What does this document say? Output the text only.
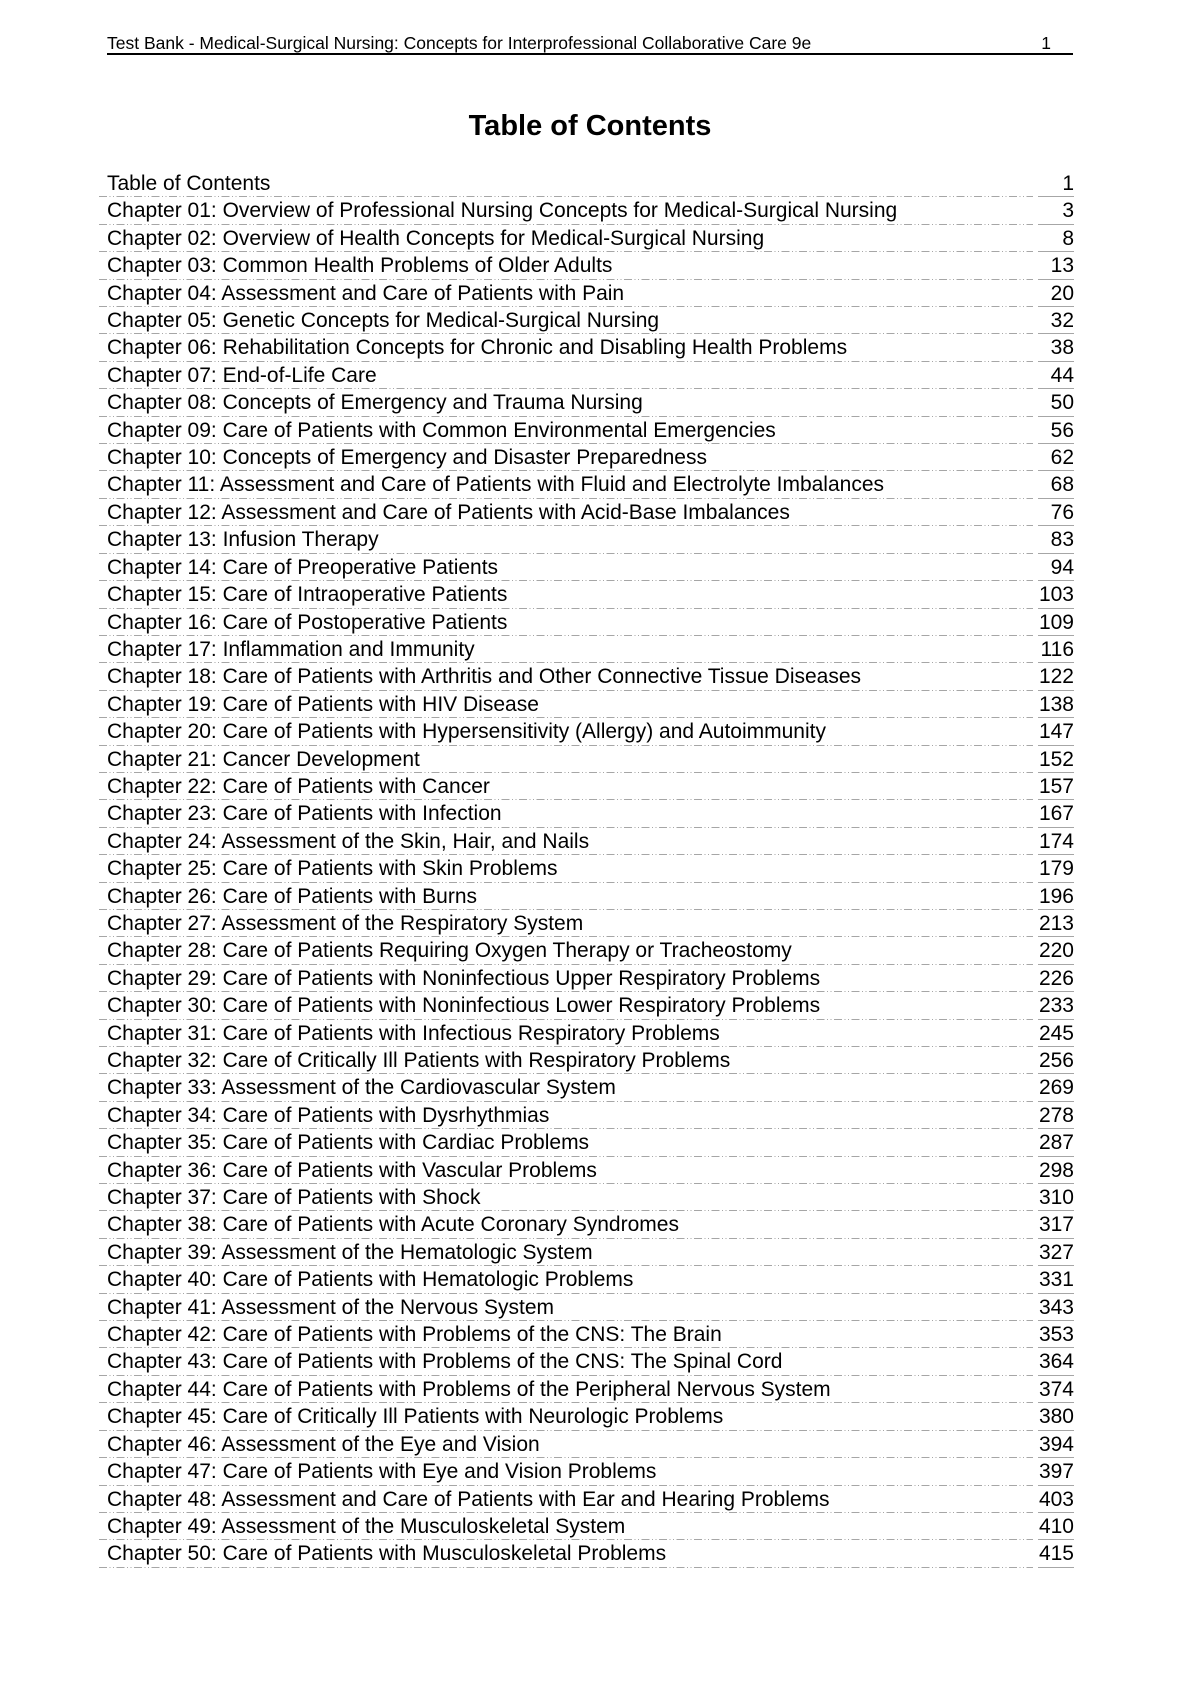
Test Bank - Medical-Surgical Nursing: Concepts for Interprofessional Collaborative Care 9e	1
Table of Contents
Table of Contents	1
Chapter 01: Overview of Professional Nursing Concepts for Medical-Surgical Nursing	3
Chapter 02: Overview of Health Concepts for Medical-Surgical Nursing	8
Chapter 03: Common Health Problems of Older Adults	13
Chapter 04: Assessment and Care of Patients with Pain	20
Chapter 05: Genetic Concepts for Medical-Surgical Nursing	32
Chapter 06: Rehabilitation Concepts for Chronic and Disabling Health Problems	38
Chapter 07: End-of-Life Care	44
Chapter 08: Concepts of Emergency and Trauma Nursing	50
Chapter 09: Care of Patients with Common Environmental Emergencies	56
Chapter 10: Concepts of Emergency and Disaster Preparedness	62
Chapter 11: Assessment and Care of Patients with Fluid and Electrolyte Imbalances	68
Chapter 12: Assessment and Care of Patients with Acid-Base Imbalances	76
Chapter 13: Infusion Therapy	83
Chapter 14: Care of Preoperative Patients	94
Chapter 15: Care of Intraoperative Patients	103
Chapter 16: Care of Postoperative Patients	109
Chapter 17: Inflammation and Immunity	116
Chapter 18: Care of Patients with Arthritis and Other Connective Tissue Diseases	122
Chapter 19: Care of Patients with HIV Disease	138
Chapter 20: Care of Patients with Hypersensitivity (Allergy) and Autoimmunity	147
Chapter 21: Cancer Development	152
Chapter 22: Care of Patients with Cancer	157
Chapter 23: Care of Patients with Infection	167
Chapter 24: Assessment of the Skin, Hair, and Nails	174
Chapter 25: Care of Patients with Skin Problems	179
Chapter 26: Care of Patients with Burns	196
Chapter 27: Assessment of the Respiratory System	213
Chapter 28: Care of Patients Requiring Oxygen Therapy or Tracheostomy	220
Chapter 29: Care of Patients with Noninfectious Upper Respiratory Problems	226
Chapter 30: Care of Patients with Noninfectious Lower Respiratory Problems	233
Chapter 31: Care of Patients with Infectious Respiratory Problems	245
Chapter 32: Care of Critically Ill Patients with Respiratory Problems	256
Chapter 33: Assessment of the Cardiovascular System	269
Chapter 34: Care of Patients with Dysrhythmias	278
Chapter 35: Care of Patients with Cardiac Problems	287
Chapter 36: Care of Patients with Vascular Problems	298
Chapter 37: Care of Patients with Shock	310
Chapter 38: Care of Patients with Acute Coronary Syndromes	317
Chapter 39: Assessment of the Hematologic System	327
Chapter 40: Care of Patients with Hematologic Problems	331
Chapter 41: Assessment of the Nervous System	343
Chapter 42: Care of Patients with Problems of the CNS: The Brain	353
Chapter 43: Care of Patients with Problems of the CNS: The Spinal Cord	364
Chapter 44: Care of Patients with Problems of the Peripheral Nervous System	374
Chapter 45: Care of Critically Ill Patients with Neurologic Problems	380
Chapter 46: Assessment of the Eye and Vision	394
Chapter 47: Care of Patients with Eye and Vision Problems	397
Chapter 48: Assessment and Care of Patients with Ear and Hearing Problems	403
Chapter 49: Assessment of the Musculoskeletal System	410
Chapter 50: Care of Patients with Musculoskeletal Problems	415
